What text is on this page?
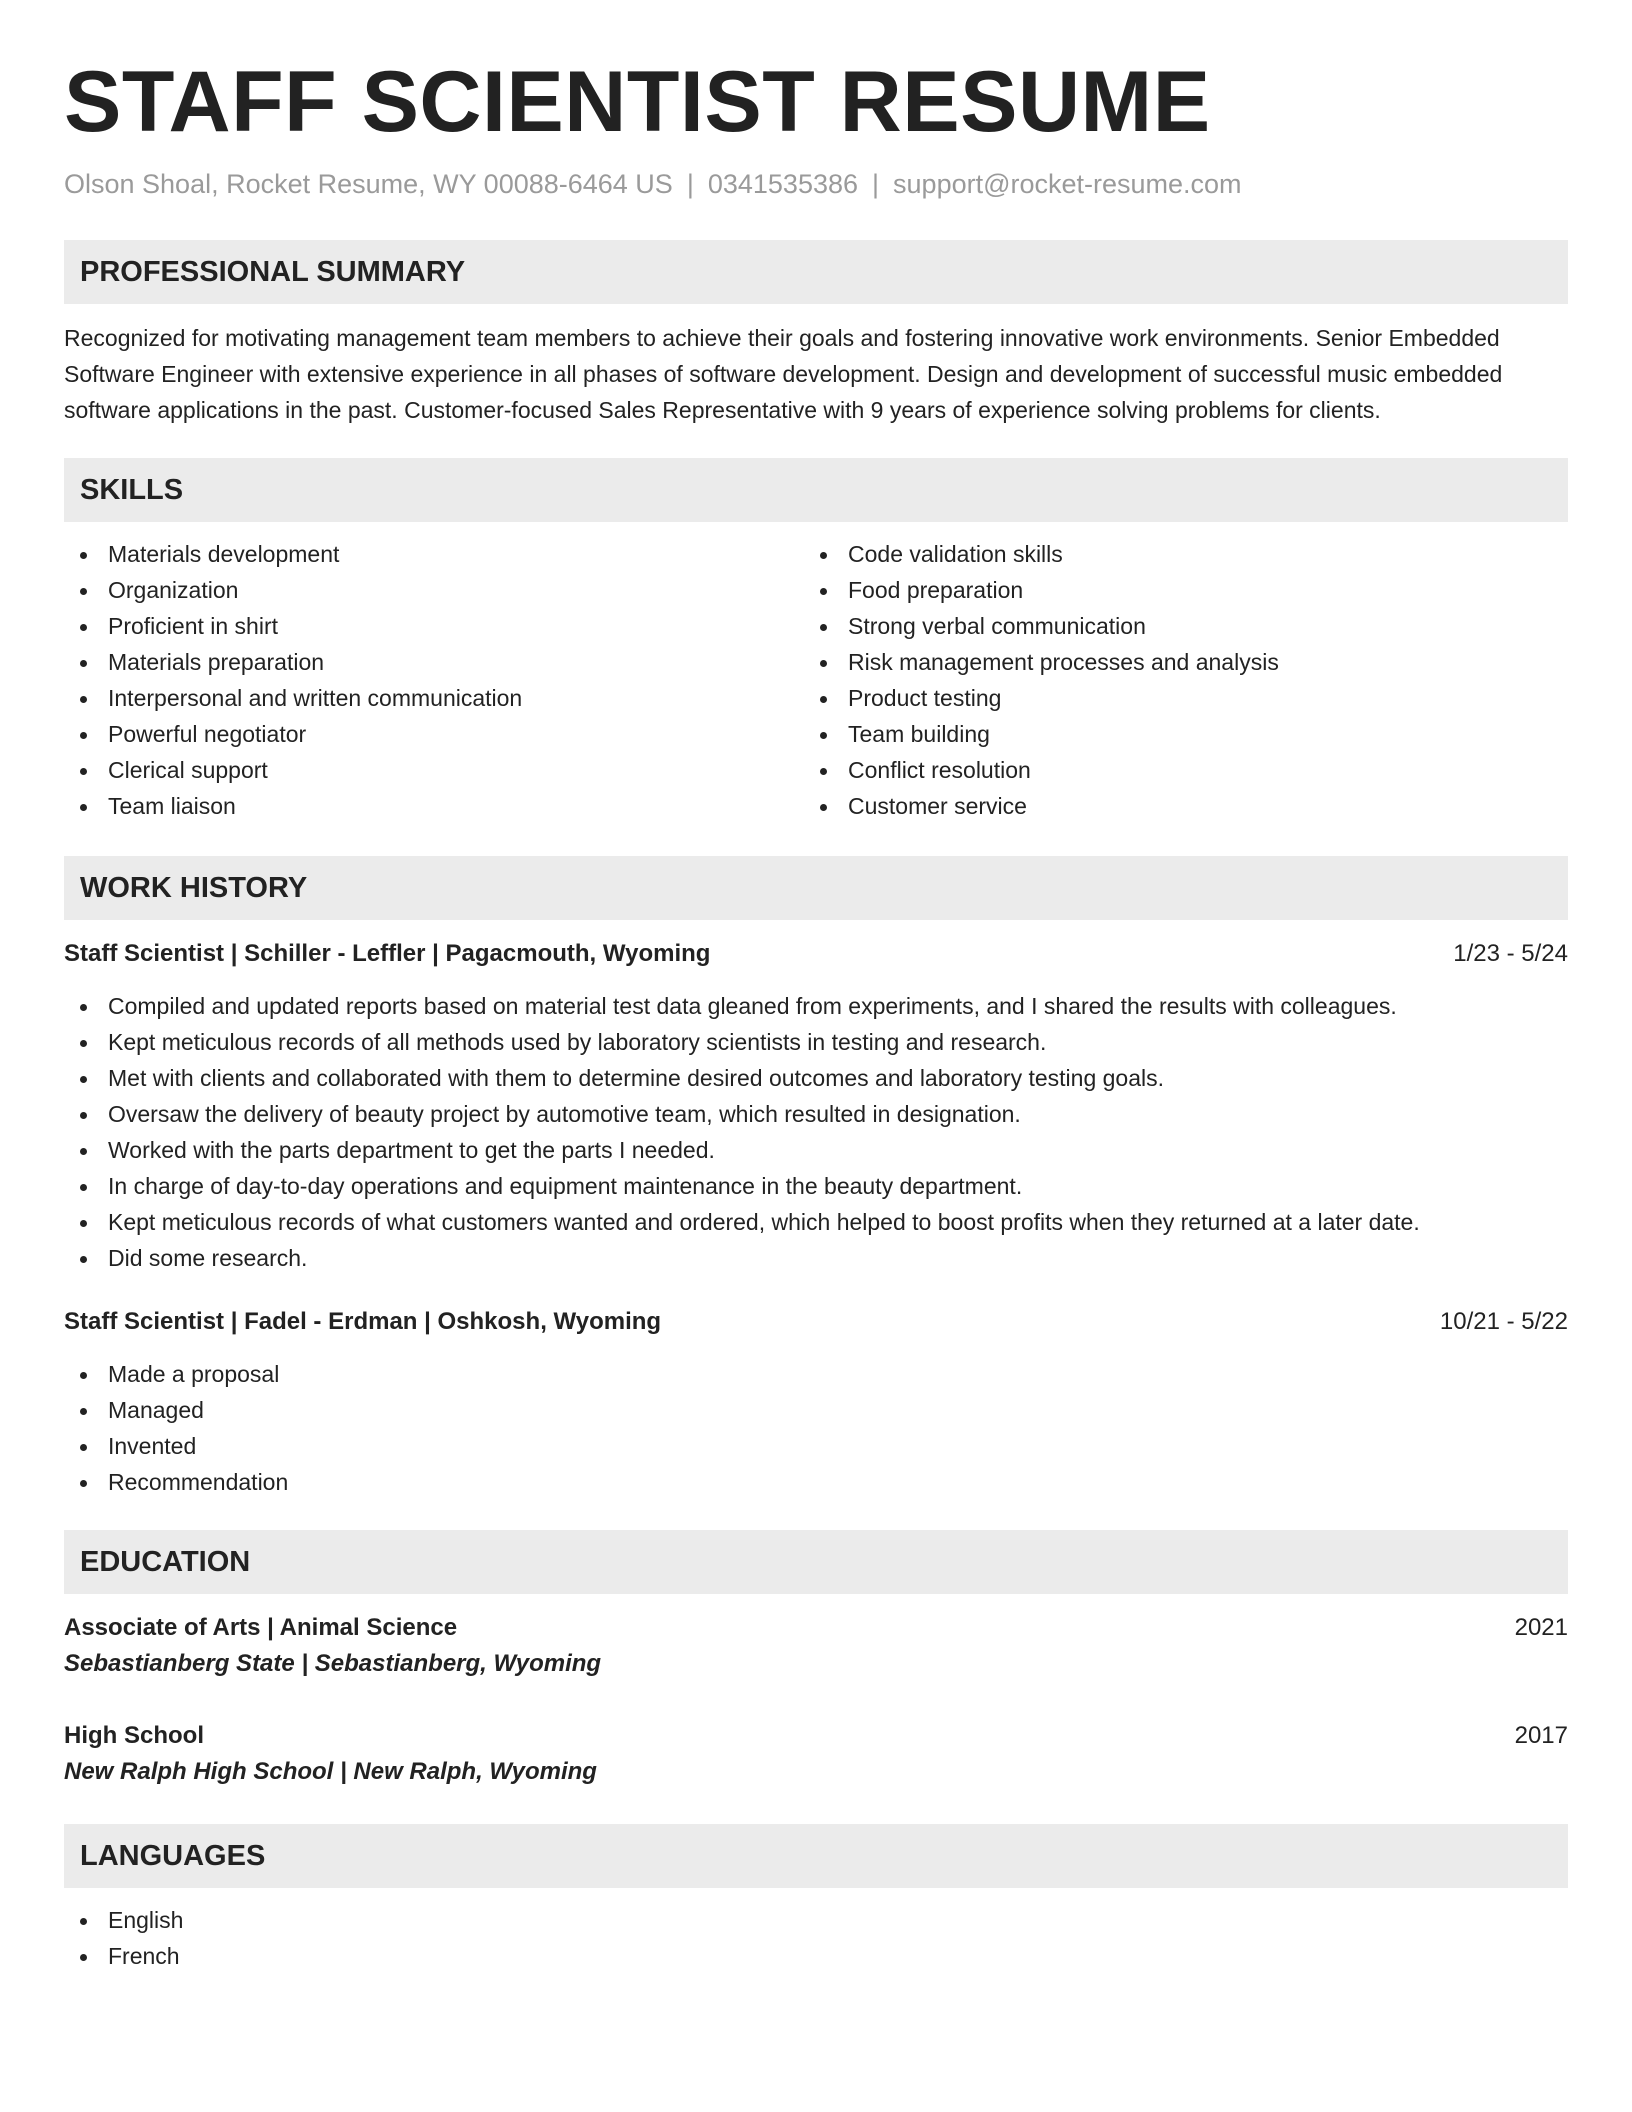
STAFF SCIENTIST RESUME
Olson Shoal, Rocket Resume, WY 00088-6464 US | 0341535386 | support@rocket-resume.com
PROFESSIONAL SUMMARY

Recognized for motivating management team members to achieve their goals and fostering innovative work environments. Senior Embedded Software Engineer with extensive experience in all phases of software development. Design and development of successful music embedded software applications in the past. Customer-focused Sales Representative with 9 years of experience solving problems for clients.

SKILLS
Materials development
Organization
Proficient in shirt
Materials preparation
Interpersonal and written communication
Powerful negotiator
Clerical support
Team liaison
Code validation skills
Food preparation
Strong verbal communication
Risk management processes and analysis
Product testing
Team building
Conflict resolution
Customer service
WORK HISTORY
Staff Scientist | Schiller - Leffler | Pagacmouth, Wyoming	1/23 - 5/24
Compiled and updated reports based on material test data gleaned from experiments, and I shared the results with colleagues.
Kept meticulous records of all methods used by laboratory scientists in testing and research.
Met with clients and collaborated with them to determine desired outcomes and laboratory testing goals.
Oversaw the delivery of beauty project by automotive team, which resulted in designation.
Worked with the parts department to get the parts I needed.
In charge of day-to-day operations and equipment maintenance in the beauty department.
Kept meticulous records of what customers wanted and ordered, which helped to boost profits when they returned at a later date.
Did some research.
Staff Scientist | Fadel - Erdman | Oshkosh, Wyoming	10/21 - 5/22
Made a proposal
Managed
Invented
Recommendation
EDUCATION
Associate of Arts | Animal Science	2021
Sebastianberg State | Sebastianberg, Wyoming
High School	2017
New Ralph High School | New Ralph, Wyoming
LANGUAGES
English
French
